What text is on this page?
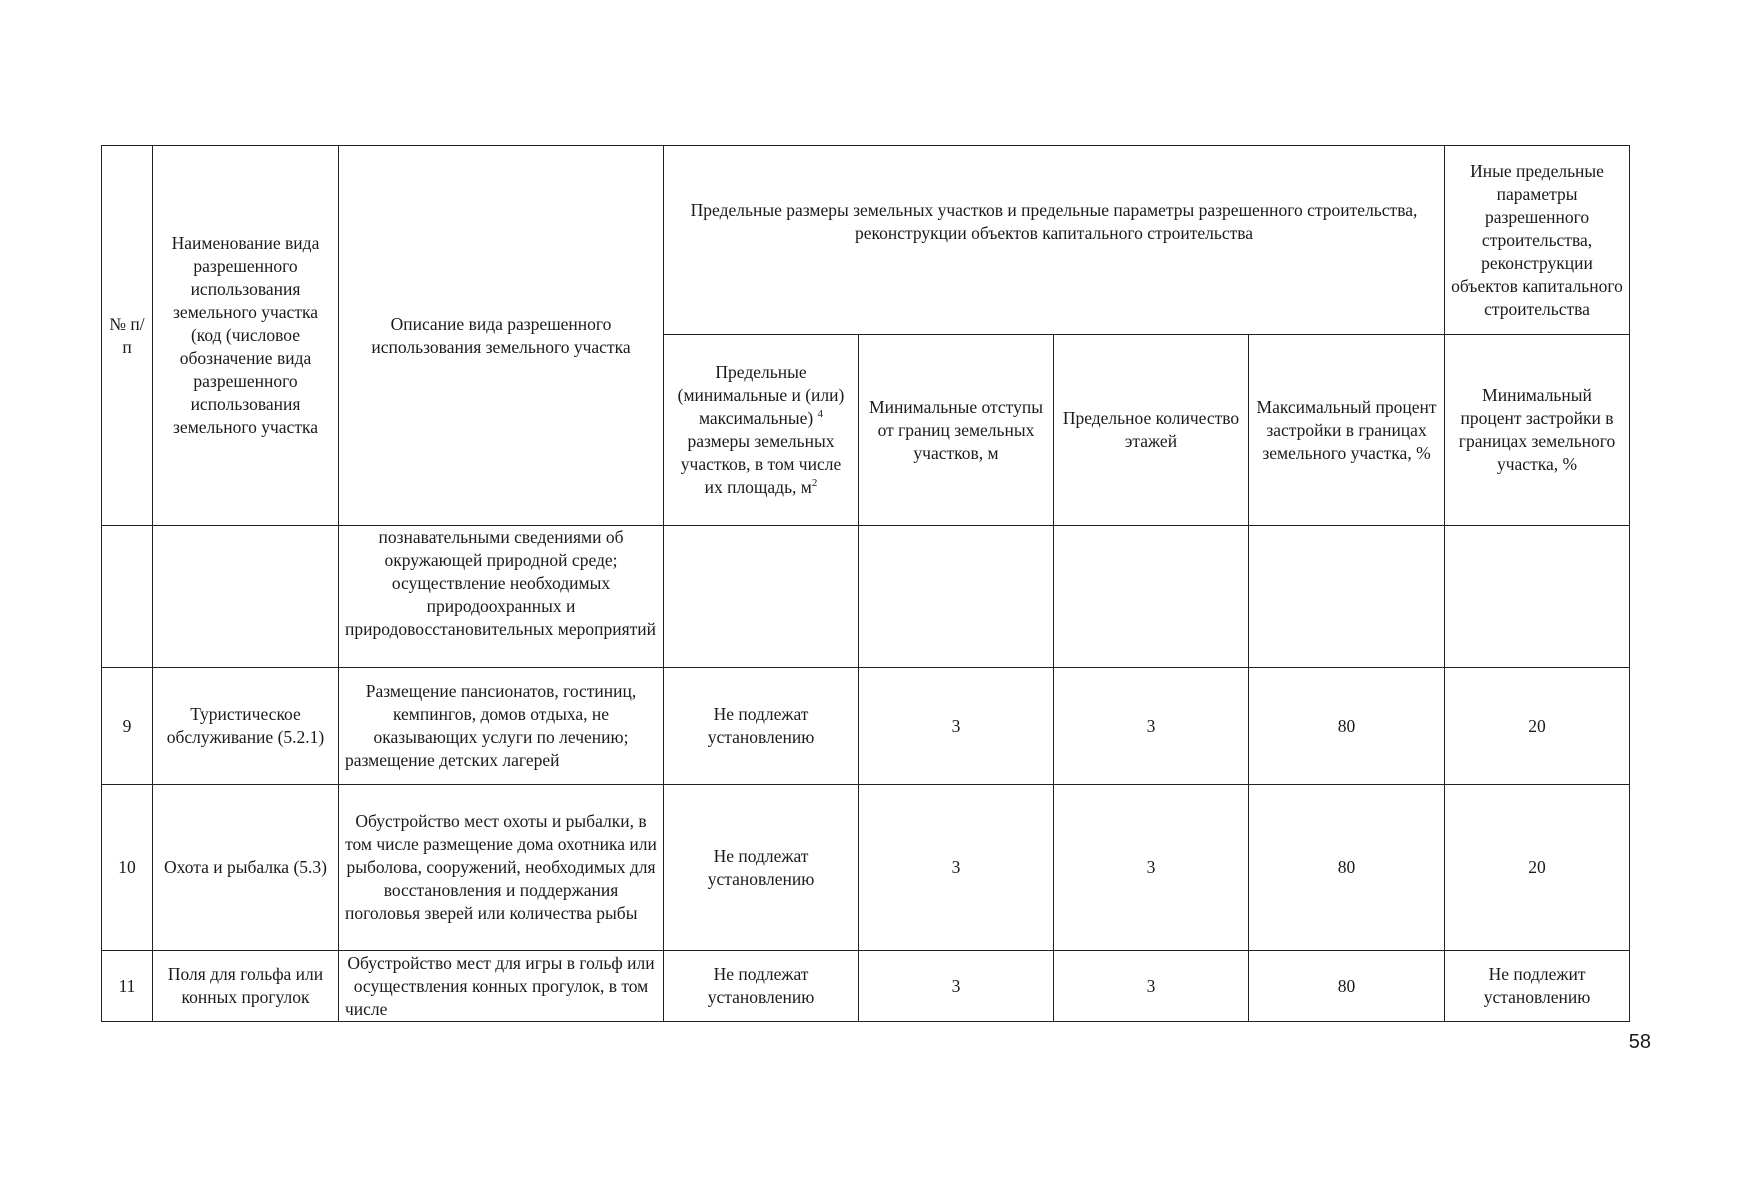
№ п/п	Наименование вида разрешенного использования земельного участка (код (числовое обозначение вида разрешенного использования земельного участка	Описание вида разрешенного использования земельного участка	Предельные размеры земельных участков и предельные параметры разрешенного строительства, реконструкции объектов капитального строительства				Иные предельные параметры разрешенного строительства, реконструкции объектов капитального строительства
			Предельные (минимальные и (или) максимальные) $^4$ размеры земельных участков, в том числе их площадь, $м^2$	Минимальные отступы от границ земельных участков, м	Предельное количество этажей	Максимальный процент застройки в границах земельного участка, %	Минимальный процент застройки в границах земельного участка, %
		познавательными сведениями об окружающей природной среде; осуществление необходимых природоохранных и природовосстановительных мероприятий					
9	Туристическое обслуживание (5.2.1)	Размещение пансионатов, гостиниц, кемпингов, домов отдыха, не оказывающих услуги по лечению; размещение детских лагерей	Не подлежат установлению	3	3	80	20
10	Охота и рыбалка (5.3)	Обустройство мест охоты и рыбалки, в том числе размещение дома охотника или рыболова, сооружений, необходимых для восстановления и поддержания поголовья зверей или количества рыбы	Не подлежат установлению	3	3	80	20
11	Поля для гольфа или конных прогулок	Обустройство мест для игры в гольф или осуществления конных прогулок, в том числе	Не подлежат установлению	3	3	80	Не подлежит установлению
58
